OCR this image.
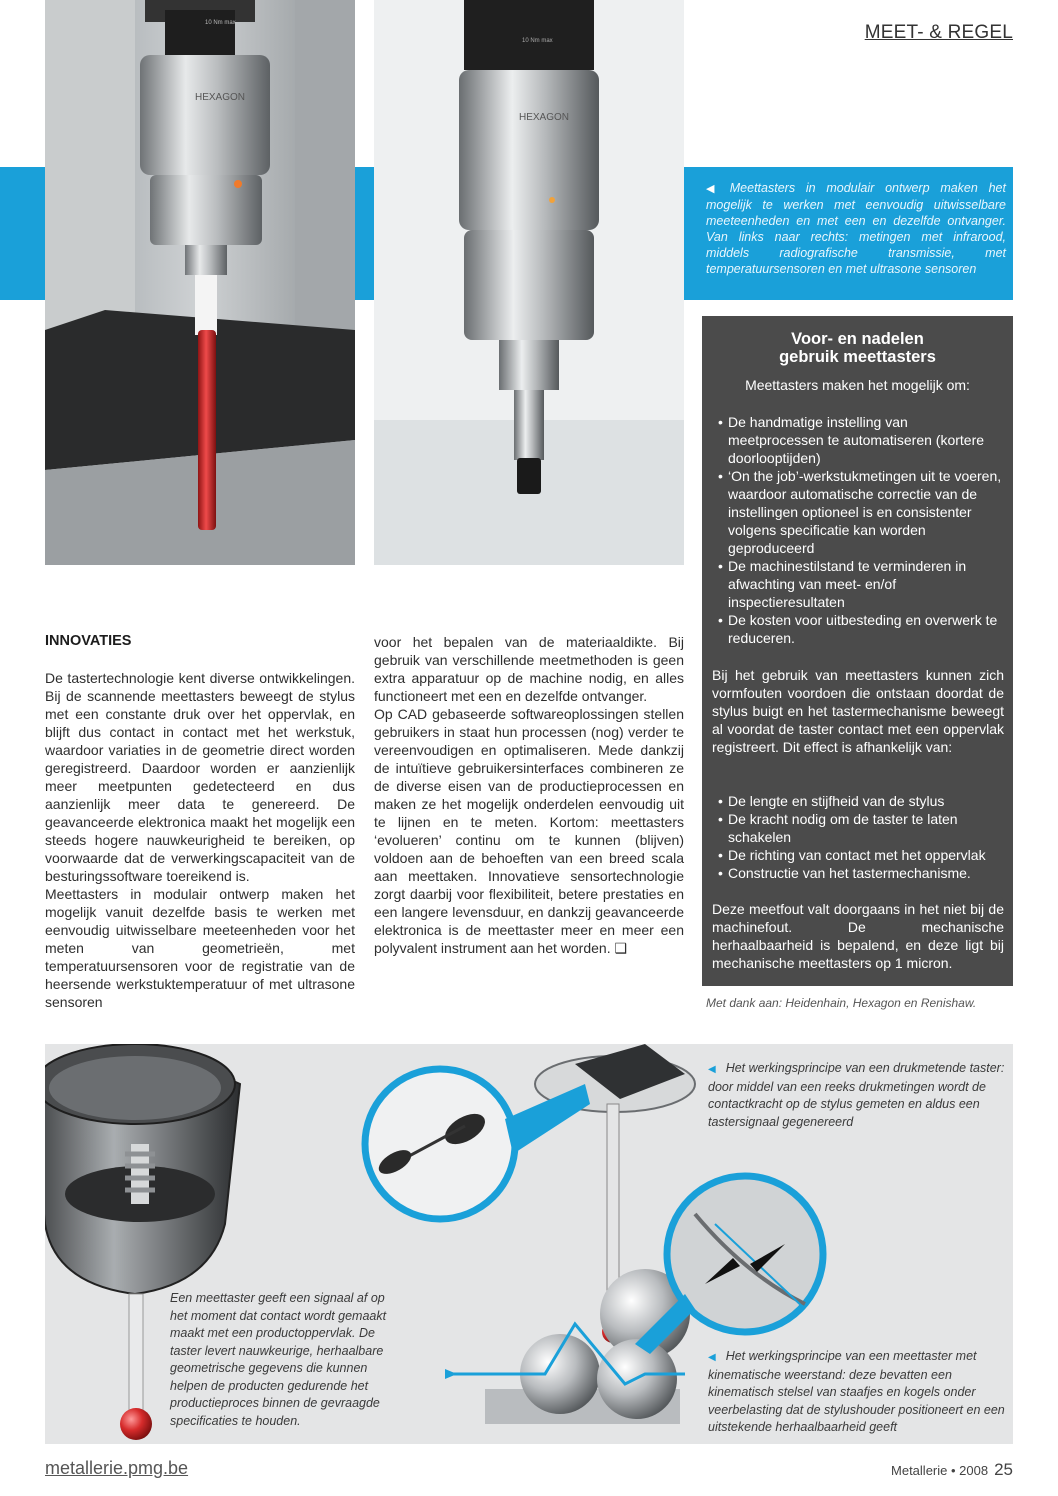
MEET- & REGEL
10 Nm max
HEXAGON
10 Nm max
HEXAGON
◀ Meettasters in modulair ontwerp maken het mogelijk te werken met eenvoudig uitwisselbare meeteenheden en met een en dezelfde ontvanger. Van links naar rechts: metingen met infrarood, middels radiografische transmissie, met temperatuursensoren en met ultrasone sensoren
Voor- en nadelen
gebruik meettasters
Meettasters maken het mogelijk om:
• De handmatige instelling van meetprocessen te automatiseren (kortere doorlooptijden)
• ‘On the job’-werkstukmetingen uit te voeren, waardoor automatische correctie van de instellingen optioneel is en consistenter volgens specificatie kan worden geproduceerd
• De machinestilstand te verminderen in afwachting van meet- en/of inspectieresultaten
• De kosten voor uitbesteding en overwerk te reduceren.

Bij het gebruik van meettasters kunnen zich vormfouten voordoen die ontstaan doordat de stylus buigt en het tastermechanisme beweegt al voordat de taster contact met een oppervlak registreert. Dit effect is afhankelijk van:

• De lengte en stijfheid van de stylus
• De kracht nodig om de taster te laten schakelen
• De richting van contact met het oppervlak
• Constructie van het tastermechanisme.

Deze meetfout valt doorgaans in het niet bij de machinefout. De mechanische herhaalbaarheid is bepalend, en deze ligt bij mechanische meettasters op 1 micron.

Met dank aan: Heidenhain, Hexagon en Renishaw.
INNOVATIES

De tastertechnologie kent diverse ontwikkelingen. Bij de scannende meettasters beweegt de stylus met een constante druk over het oppervlak, en blijft dus contact in contact met het werkstuk, waardoor variaties in de geometrie direct worden geregistreerd. Daardoor worden er aanzienlijk meer meetpunten gedetecteerd en dus aanzienlijk meer data te genereerd. De geavanceerde elektronica maakt het mogelijk een steeds hogere nauwkeurigheid te bereiken, op voorwaarde dat de verwerkingscapaciteit van de besturingssoftware toereikend is.

Meettasters in modulair ontwerp maken het mogelijk vanuit dezelfde basis te werken met eenvoudig uitwisselbare meeteenheden voor het meten van geometrieën, met temperatuursensoren voor de registratie van de heersende werkstuktemperatuur of met ultrasone sensoren

voor het bepalen van de materiaaldikte. Bij gebruik van verschillende meetmethoden is geen extra apparatuur op de machine nodig, en alles functioneert met een en dezelfde ontvanger.

Op CAD gebaseerde softwareoplossingen stellen gebruikers in staat hun processen (nog) verder te vereenvoudigen en optimaliseren. Mede dankzij de intuïtieve gebruikersinterfaces combineren ze de diverse eisen van de productieprocessen en maken ze het mogelijk onderdelen eenvoudig uit te lijnen en te meten. Kortom: meettasters ‘evolueren’ continu om te kunnen (blijven) voldoen aan de behoeften van een breed scala aan meettaken. Innovatieve sensortechnologie zorgt daarbij voor flexibiliteit, betere prestaties en een langere levensduur, en dankzij geavanceerde elektronica is de meettaster meer en meer een polyvalent instrument aan het worden. ❑

Een meettaster geeft een signaal af op het moment dat contact wordt gemaakt maakt met een productoppervlak. De taster levert nauwkeurige, herhaalbare geometrische gegevens die kunnen helpen de producten gedurende het productieproces binnen de gevraagde specificaties te houden.
◀ Het werkingsprincipe van een drukmetende taster: door middel van een reeks drukmetingen wordt de contactkracht op de stylus gemeten en aldus een tastersignaal gegenereerd
◀ Het werkingsprincipe van een meettaster met kinematische weerstand: deze bevatten een kinematisch stelsel van staafjes en kogels onder veerbelasting dat de stylushouder positioneert en een uitstekende herhaalbaarheid geeft
metallerie.pmg.be	Metallerie • 2008 25
